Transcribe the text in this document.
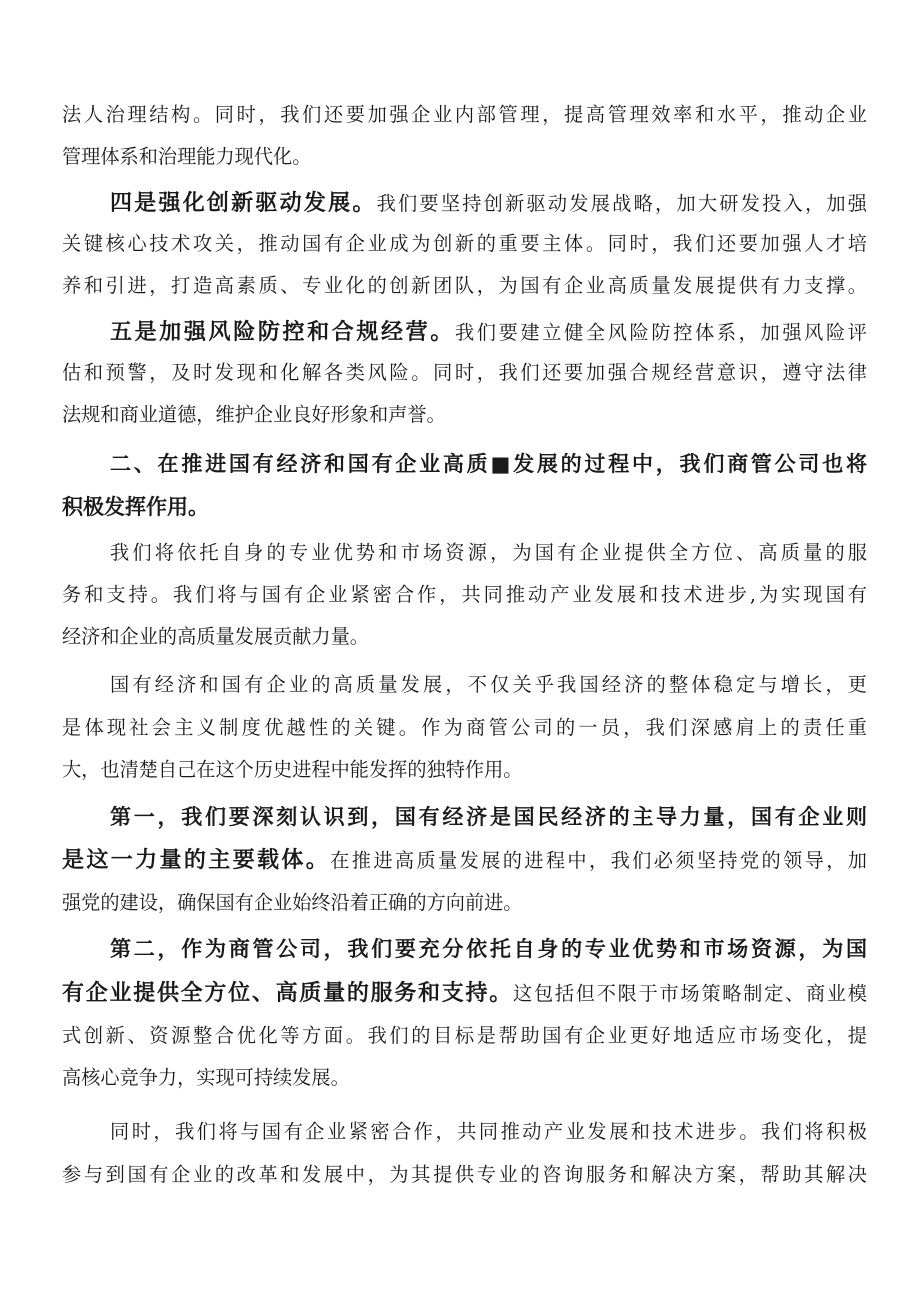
法人治理结构。同时，我们还要加强企业内部管理，提高管理效率和水平，推动企业
管理体系和治理能力现代化。
四是强化创新驱动发展。我们要坚持创新驱动发展战略，加大研发投入，加强
关键核心技术攻关，推动国有企业成为创新的重要主体。同时，我们还要加强人才培
养和引进，打造高素质、专业化的创新团队，为国有企业高质量发展提供有力支撑。
五是加强风险防控和合规经营。我们要建立健全风险防控体系，加强风险评
估和预警，及时发现和化解各类风险。同时，我们还要加强合规经营意识，遵守法律
法规和商业道德，维护企业良好形象和声誉。
二、在推进国有经济和国有企业高质■发展的过程中，我们商管公司也将
积极发挥作用。
我们将依托自身的专业优势和市场资源，为国有企业提供全方位、高质量的服
务和支持。我们将与国有企业紧密合作，共同推动产业发展和技术进步,为实现国有
经济和企业的高质量发展贡献力量。
国有经济和国有企业的高质量发展，不仅关乎我国经济的整体稳定与增长，更
是体现社会主义制度优越性的关键。作为商管公司的一员，我们深感肩上的责任重
大，也清楚自己在这个历史进程中能发挥的独特作用。
第一，我们要深刻认识到，国有经济是国民经济的主导力量，国有企业则
是这一力量的主要载体。在推进高质量发展的进程中，我们必须坚持党的领导，加
强党的建设，确保国有企业始终沿着正确的方向前进。
第二，作为商管公司，我们要充分依托自身的专业优势和市场资源，为国
有企业提供全方位、高质量的服务和支持。这包括但不限于市场策略制定、商业模
式创新、资源整合优化等方面。我们的目标是帮助国有企业更好地适应市场变化，提
高核心竞争力，实现可持续发展。
同时，我们将与国有企业紧密合作，共同推动产业发展和技术进步。我们将积极
参与到国有企业的改革和发展中，为其提供专业的咨询服务和解决方案，帮助其解决
